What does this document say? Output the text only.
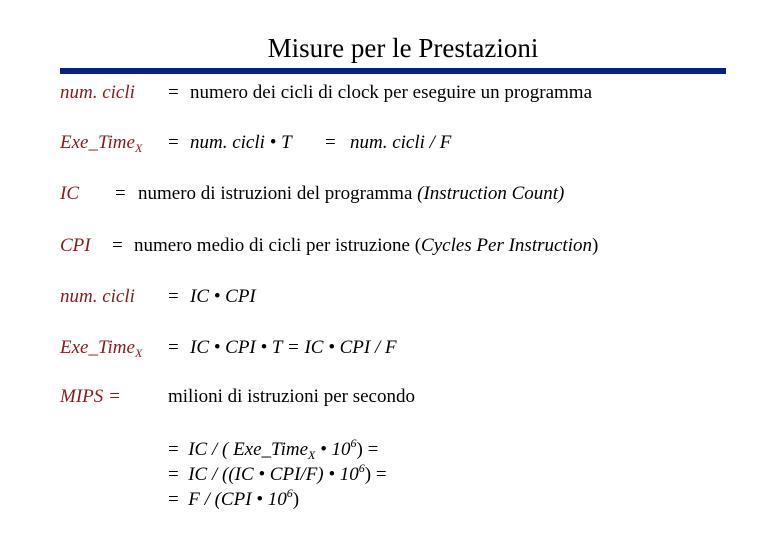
Misure per le Prestazioni
num. cicli = numero dei cicli di clock per eseguire un programma
Exe_Time$_X$ = num. cicli • T = num. cicli / F
IC = numero di istruzioni del programma (Instruction Count)
CPI = numero medio di cicli per istruzione (Cycles Per Instruction)
num. cicli = IC • CPI
Exe_Time$_X$ = IC • CPI • T = IC • CPI / F
MIPS = milioni di istruzioni per secondo
= IC / ( Exe_Time$_X$ • $10^6$) =
= IC / ((IC • CPI/F) • $10^6$) =
= F / (CPI • $10^6$)
